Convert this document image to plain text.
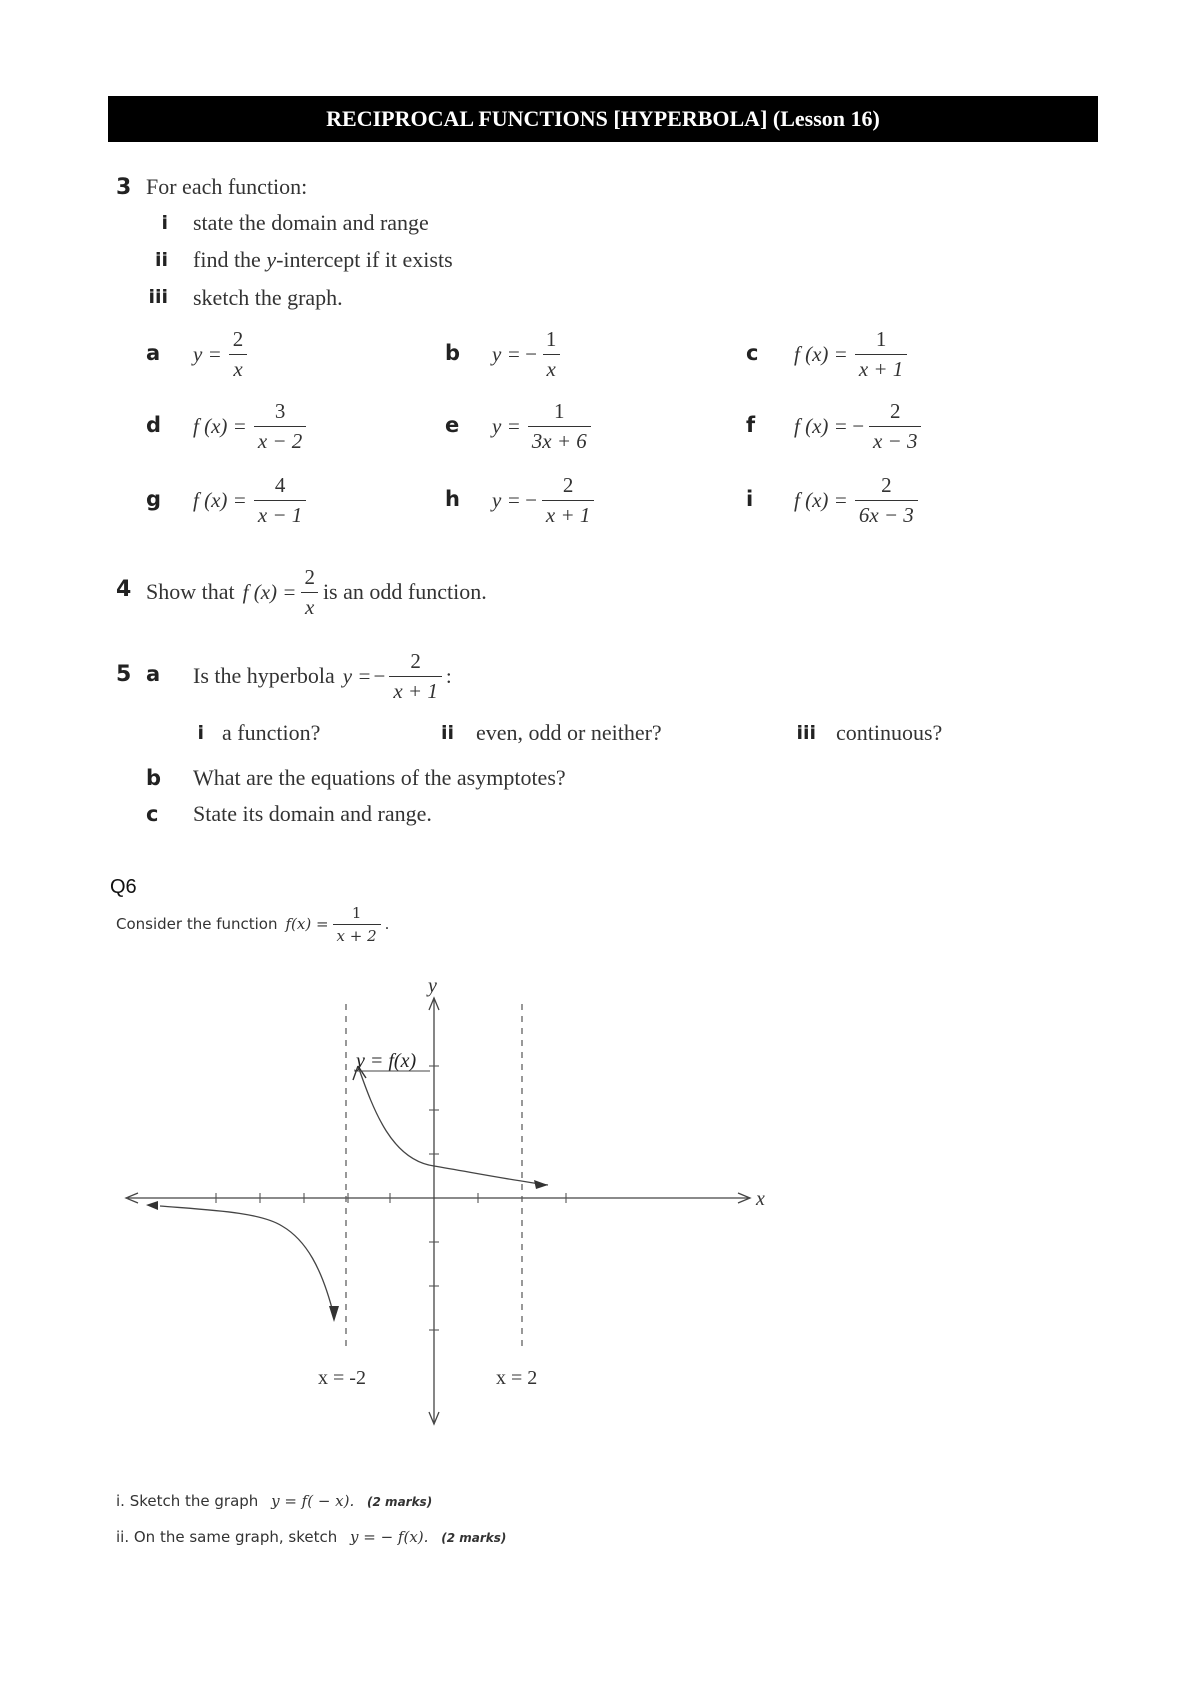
RECIPROCAL FUNCTIONS [HYPERBOLA] (Lesson 16)
3 For each function:
i state the domain and range
ii find the y-intercept if it exists
iii sketch the graph.
a $y = \frac{2}{x}$	b y = − $\frac{1}{x}$	c f $(x) = \frac{1}{x + 1}$
d f $(x) = \frac{3}{x - 2}$	e $y = \frac{1}{3x + 6}$	f f (x) = − $\frac{2}{x - 3}$
g f $(x) = \frac{4}{x - 1}$	h y = − $\frac{2}{x + 1}$	i f $(x) = \frac{2}{6x - 3}$
4 Show that f $(x) = \frac{2}{x}$ is an odd function.
5 a Is the hyperbola y = − $\frac{2}{x + 1}$ :
i a function?	ii even, odd or neither?	iii continuous?
b What are the equations of the asymptotes?
c State its domain and range.
Q6
Consider the function $f(x) = \frac{1}{x + 2}$ .
y
x
y = f(x)
x = -2	x = 2
i. Sketch the graph y = f( − x). (2 marks)
ii. On the same graph, sketch y = − f(x). (2 marks)
